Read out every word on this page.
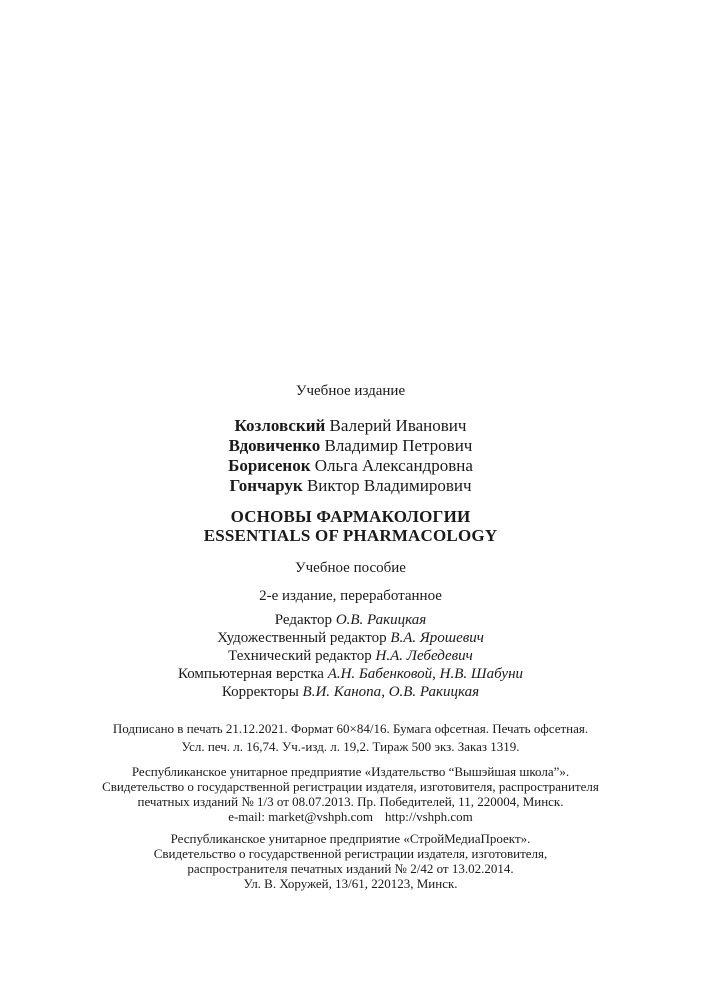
Учебное издание
Козловский Валерий Иванович
Вдовиченко Владимир Петрович
Борисенок Ольга Александровна
Гончарук Виктор Владимирович
ОСНОВЫ ФАРМАКОЛОГИИ
ESSENTIALS OF PHARMACOLOGY
Учебное пособие
2-е издание, переработанное
Редактор О.В. Ракицкая
Художественный редактор В.А. Ярошевич
Технический редактор Н.А. Лебедевич
Компьютерная верстка А.Н. Бабенковой, Н.В. Шабуни
Корректоры В.И. Канопа, О.В. Ракицкая
Подписано в печать 21.12.2021. Формат 60×84/16. Бумага офсетная. Печать офсетная.
Усл. печ. л. 16,74. Уч.-изд. л. 19,2. Тираж 500 экз. Заказ 1319.
Республиканское унитарное предприятие «Издательство “Вышэйшая школа”».
Свидетельство о государственной регистрации издателя, изготовителя, распространителя
печатных изданий № 1/3 от 08.07.2013. Пр. Победителей, 11, 220004, Минск.
e-mail: market@vshph.com http://vshph.com
Республиканское унитарное предприятие «СтройМедиаПроект».
Свидетельство о государственной регистрации издателя, изготовителя,
распространителя печатных изданий № 2/42 от 13.02.2014.
Ул. В. Хоружей, 13/61, 220123, Минск.
